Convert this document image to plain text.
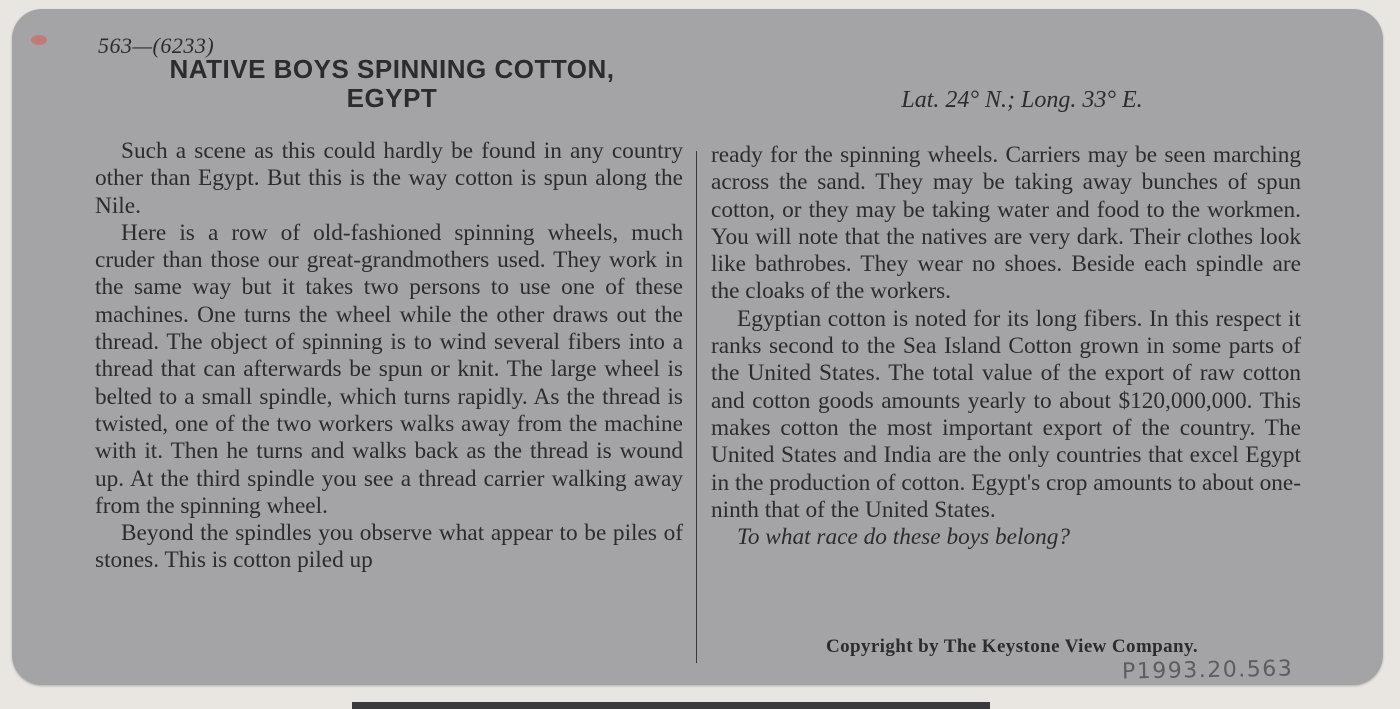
563—(6233)
NATIVE BOYS SPINNING COTTON,
EGYPT	Lat. 24° N.; Long. 33° E.

Such a scene as this could hardly be found in any country other than Egypt. But this is the way cotton is spun along the Nile.

Here is a row of old-fashioned spinning wheels, much cruder than those our great-grandmothers used. They work in the same way but it takes two persons to use one of these machines. One turns the wheel while the other draws out the thread. The object of spinning is to wind several fibers into a thread that can afterwards be spun or knit. The large wheel is belted to a small spindle, which turns rapidly. As the thread is twisted, one of the two workers walks away from the machine with it. Then he turns and walks back as the thread is wound up. At the third spindle you see a thread carrier walking away from the spinning wheel.

Beyond the spindles you observe what appear to be piles of stones. This is cotton piled up

ready for the spinning wheels. Carriers may be seen marching across the sand. They may be taking away bunches of spun cotton, or they may be taking water and food to the workmen. You will note that the natives are very dark. Their clothes look like bathrobes. They wear no shoes. Beside each spindle are the cloaks of the workers.

Egyptian cotton is noted for its long fibers. In this respect it ranks second to the Sea Island Cotton grown in some parts of the United States. The total value of the export of raw cotton and cotton goods amounts yearly to about $120,000,000. This makes cotton the most important export of the country. The United States and India are the only countries that excel Egypt in the production of cotton. Egypt's crop amounts to about one-ninth that of the United States.

To what race do these boys belong?

Copyright by The Keystone View Company.
P1993.20.563
